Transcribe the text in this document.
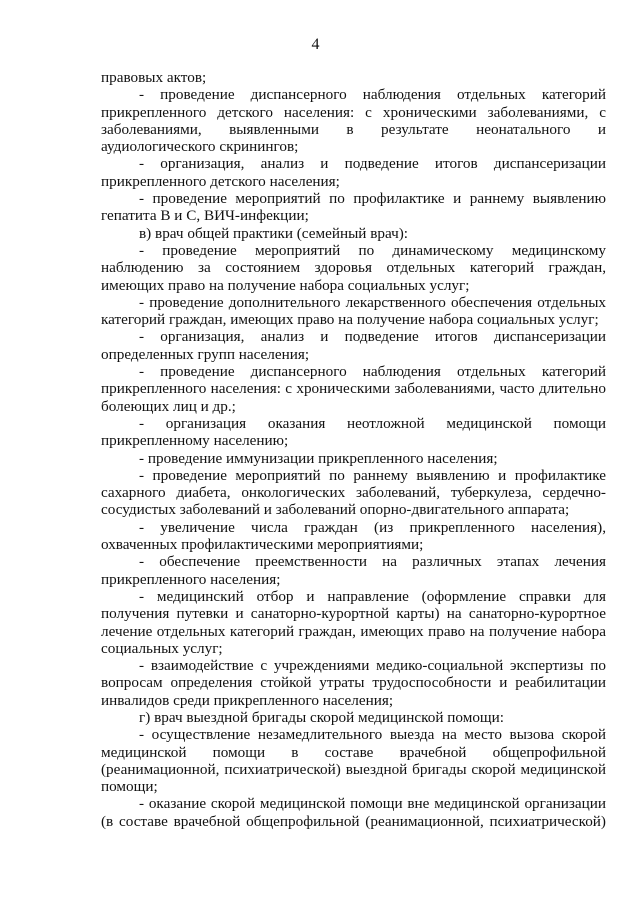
4

правовых актов;

- проведение диспансерного наблюдения отдельных категорий прикрепленного детского населения: с хроническими заболеваниями, с заболеваниями, выявленными в результате неонатального и аудиологического скринингов;

- организация, анализ и подведение итогов диспансеризации прикрепленного детского населения;

- проведение мероприятий по профилактике и раннему выявлению гепатита В и С, ВИЧ-инфекции;

в) врач общей практики (семейный врач):

- проведение мероприятий по динамическому медицинскому наблюдению за состоянием здоровья отдельных категорий граждан, имеющих право на получение набора социальных услуг;

- проведение дополнительного лекарственного обеспечения отдельных категорий граждан, имеющих право на получение набора социальных услуг;

- организация, анализ и подведение итогов диспансеризации определенных групп населения;

- проведение диспансерного наблюдения отдельных категорий прикрепленного населения: с хроническими заболеваниями, часто длительно болеющих лиц и др.;

- организация оказания неотложной медицинской помощи прикрепленному населению;

- проведение иммунизации прикрепленного населения;

- проведение мероприятий по раннему выявлению и профилактике сахарного диабета, онкологических заболеваний, туберкулеза, сердечно-сосудистых заболеваний и заболеваний опорно-двигательного аппарата;

- увеличение числа граждан (из прикрепленного населения), охваченных профилактическими мероприятиями;

- обеспечение преемственности на различных этапах лечения прикрепленного населения;

- медицинский отбор и направление (оформление справки для получения путевки и санаторно-курортной карты) на санаторно-курортное лечение отдельных категорий граждан, имеющих право на получение набора социальных услуг;

- взаимодействие с учреждениями медико-социальной экспертизы по вопросам определения стойкой утраты трудоспособности и реабилитации инвалидов среди прикрепленного населения;

г) врач выездной бригады скорой медицинской помощи:

- осуществление незамедлительного выезда на место вызова скорой медицинской помощи в составе врачебной общепрофильной (реанимационной, психиатрической) выездной бригады скорой медицинской помощи;

- оказание скорой медицинской помощи вне медицинской организации (в составе врачебной общепрофильной (реанимационной, психиатрической)
